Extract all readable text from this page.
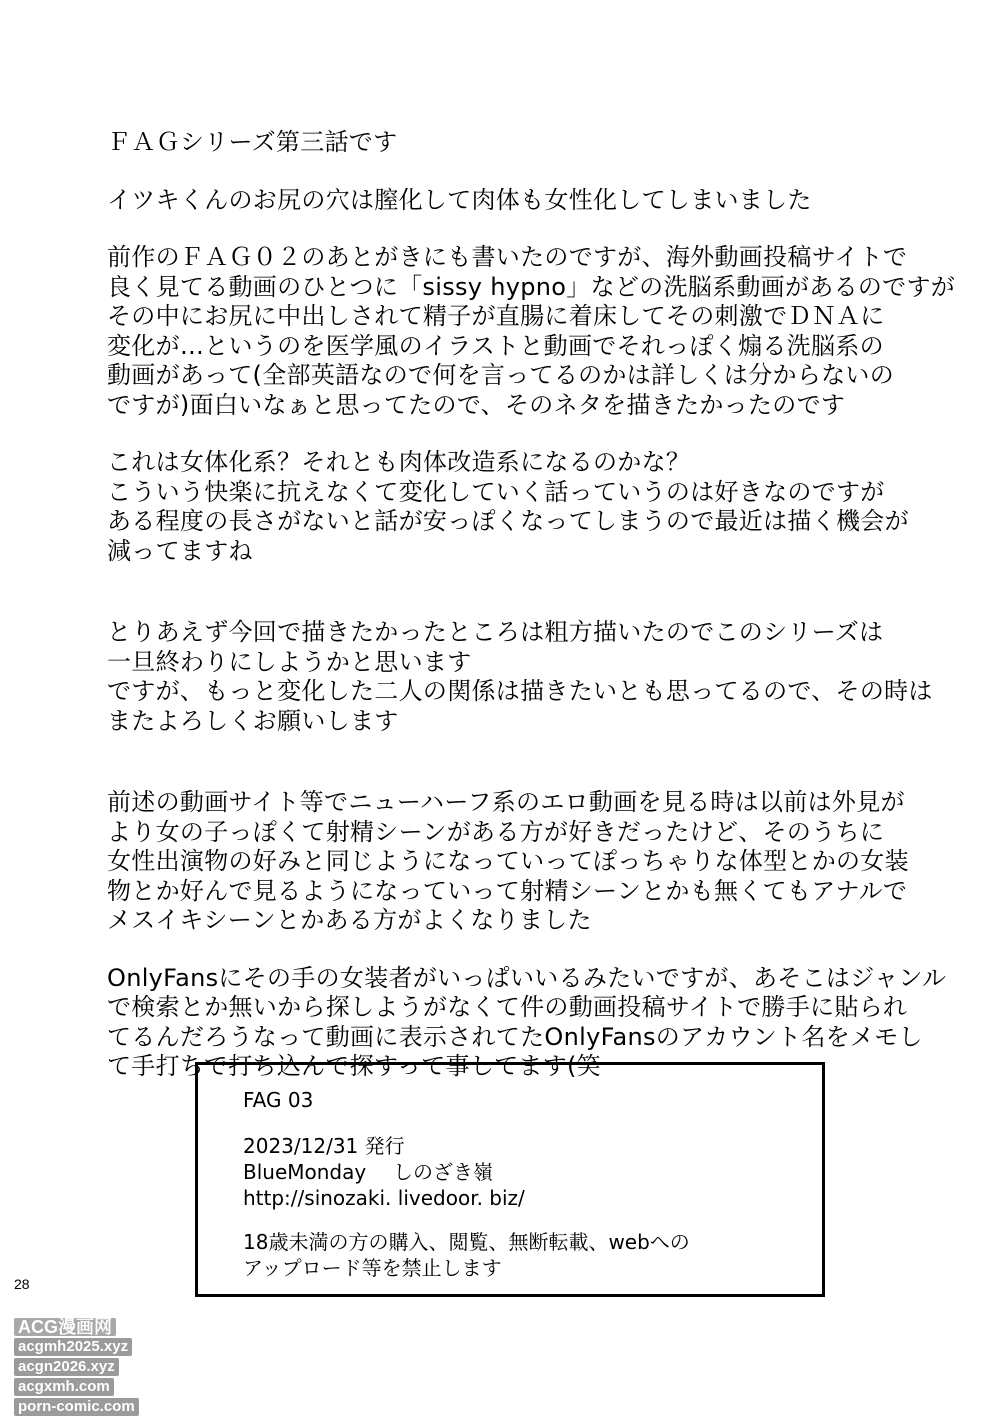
ＦＡＧシリーズ第三話です

イツキくんのお尻の穴は膣化して肉体も女性化してしまいました

前作のＦＡＧ０２のあとがきにも書いたのですが、海外動画投稿サイトで
良く見てる動画のひとつに「sissy hypno」などの洗脳系動画があるのですが
その中にお尻に中出しされて精子が直腸に着床してその刺激でＤＮＡに
変化が…というのを医学風のイラストと動画でそれっぽく煽る洗脳系の
動画があって(全部英語なので何を言ってるのかは詳しくは分からないの
ですが)面白いなぁと思ってたので、そのネタを描きたかったのです

これは女体化系？それとも肉体改造系になるのかな？
こういう快楽に抗えなくて変化していく話っていうのは好きなのですが
ある程度の長さがないと話が安っぽくなってしまうので最近は描く機会が
減ってますね

とりあえず今回で描きたかったところは粗方描いたのでこのシリーズは
一旦終わりにしようかと思います
ですが、もっと変化した二人の関係は描きたいとも思ってるので、その時は
またよろしくお願いします

前述の動画サイト等でニューハーフ系のエロ動画を見る時は以前は外見が
より女の子っぽくて射精シーンがある方が好きだったけど、そのうちに
女性出演物の好みと同じようになっていってぽっちゃりな体型とかの女装
物とか好んで見るようになっていって射精シーンとかも無くてもアナルで
メスイキシーンとかある方がよくなりました

OnlyFansにその手の女装者がいっぱいいるみたいですが、あそこはジャンル
で検索とか無いから探しようがなくて件の動画投稿サイトで勝手に貼られ
てるんだろうなって動画に表示されてたOnlyFansのアカウント名をメモし
て手打ちで打ち込んで探すって事してます(笑

FAG 03
2023/12/31 発行
BlueMonday しのざき嶺
http://sinozaki. livedoor. biz/
18歳未満の方の購入、閲覧、無断転載、webへの
アップロード等を禁止します
28
ACG漫画网
acgmh2025.xyz
acgn2026.xyz
acgxmh.com
porn-comic.com
